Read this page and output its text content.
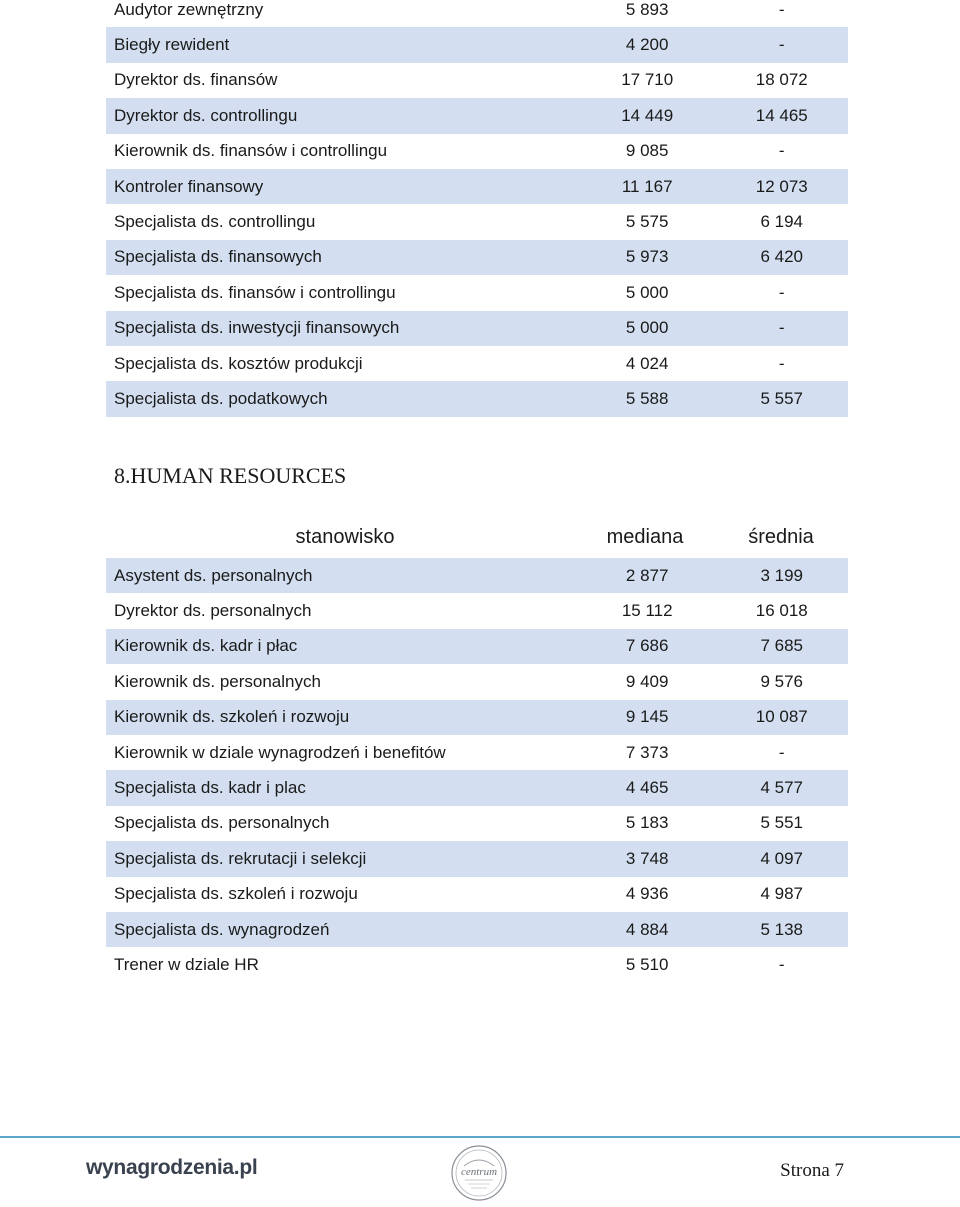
Audytor zewnętrzny	5 893	-
Biegły rewident	4 200	-
Dyrektor ds. finansów	17 710	18 072
Dyrektor ds. controllingu	14 449	14 465
Kierownik ds. finansów i controllingu	9 085	-
Kontroler finansowy	11 167	12 073
Specjalista ds. controllingu	5 575	6 194
Specjalista ds. finansowych	5 973	6 420
Specjalista ds. finansów i controllingu	5 000	-
Specjalista ds. inwestycji finansowych	5 000	-
Specjalista ds. kosztów produkcji	4 024	-
Specjalista ds. podatkowych	5 588	5 557
8.HUMAN RESOURCES
stanowisko	mediana	średnia
Asystent ds. personalnych	2 877	3 199
Dyrektor ds. personalnych	15 112	16 018
Kierownik ds. kadr i płac	7 686	7 685
Kierownik ds. personalnych	9 409	9 576
Kierownik ds. szkoleń i rozwoju	9 145	10 087
Kierownik w dziale wynagrodzeń i benefitów	7 373	-
Specjalista ds. kadr i plac	4 465	4 577
Specjalista ds. personalnych	5 183	5 551
Specjalista ds. rekrutacji i selekcji	3 748	4 097
Specjalista ds. szkoleń i rozwoju	4 936	4 987
Specjalista ds. wynagrodzeń	4 884	5 138
Trener w dziale HR	5 510	-
wynagrodzenia.pl	centrum	Strona 7
